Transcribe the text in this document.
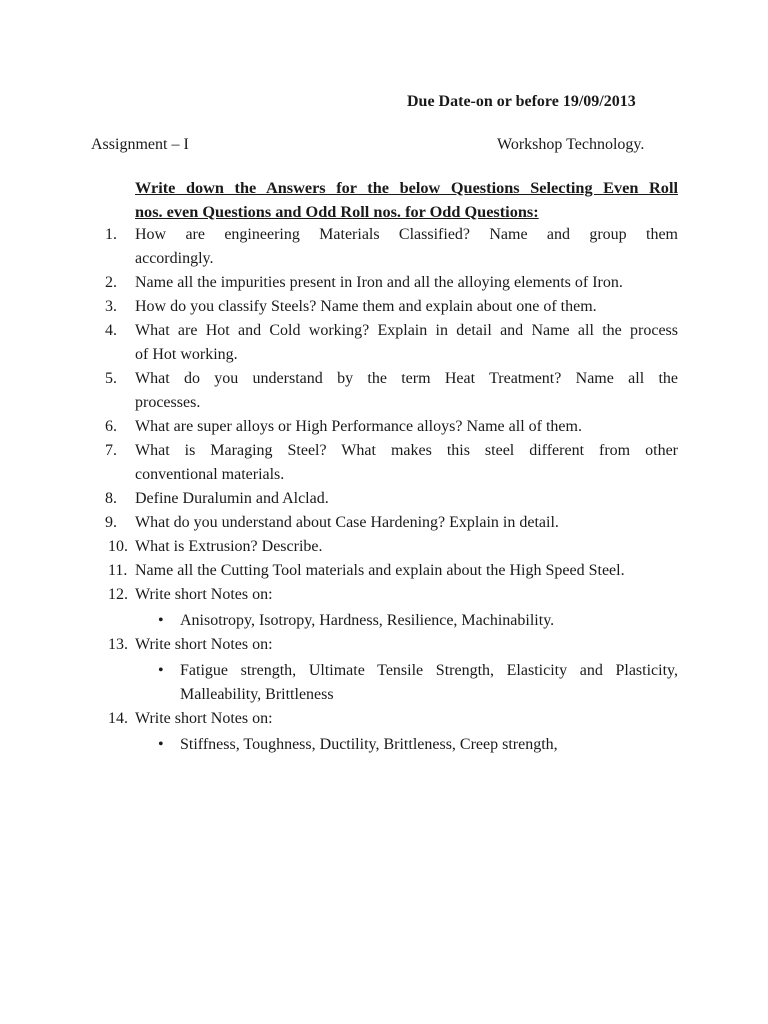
Due Date-on or before 19/09/2013
Assignment – I	Workshop Technology.
Write down the Answers for the below Questions Selecting Even Roll
nos. even Questions and Odd Roll nos. for Odd Questions:
1. How are engineering Materials Classified? Name and group them
accordingly.
2. Name all the impurities present in Iron and all the alloying elements of Iron.
3. How do you classify Steels? Name them and explain about one of them.
4. What are Hot and Cold working? Explain in detail and Name all the process
of Hot working.
5. What do you understand by the term Heat Treatment? Name all the
processes.
6. What are super alloys or High Performance alloys? Name all of them.
7. What is Maraging Steel? What makes this steel different from other
conventional materials.
8. Define Duralumin and Alclad.
9. What do you understand about Case Hardening? Explain in detail.
10. What is Extrusion? Describe.
11. Name all the Cutting Tool materials and explain about the High Speed Steel.
12. Write short Notes on:
• Anisotropy, Isotropy, Hardness, Resilience, Machinability.
13. Write short Notes on:
• Fatigue strength, Ultimate Tensile Strength, Elasticity and Plasticity,
Malleability, Brittleness
14. Write short Notes on:
• Stiffness, Toughness, Ductility, Brittleness, Creep strength,
